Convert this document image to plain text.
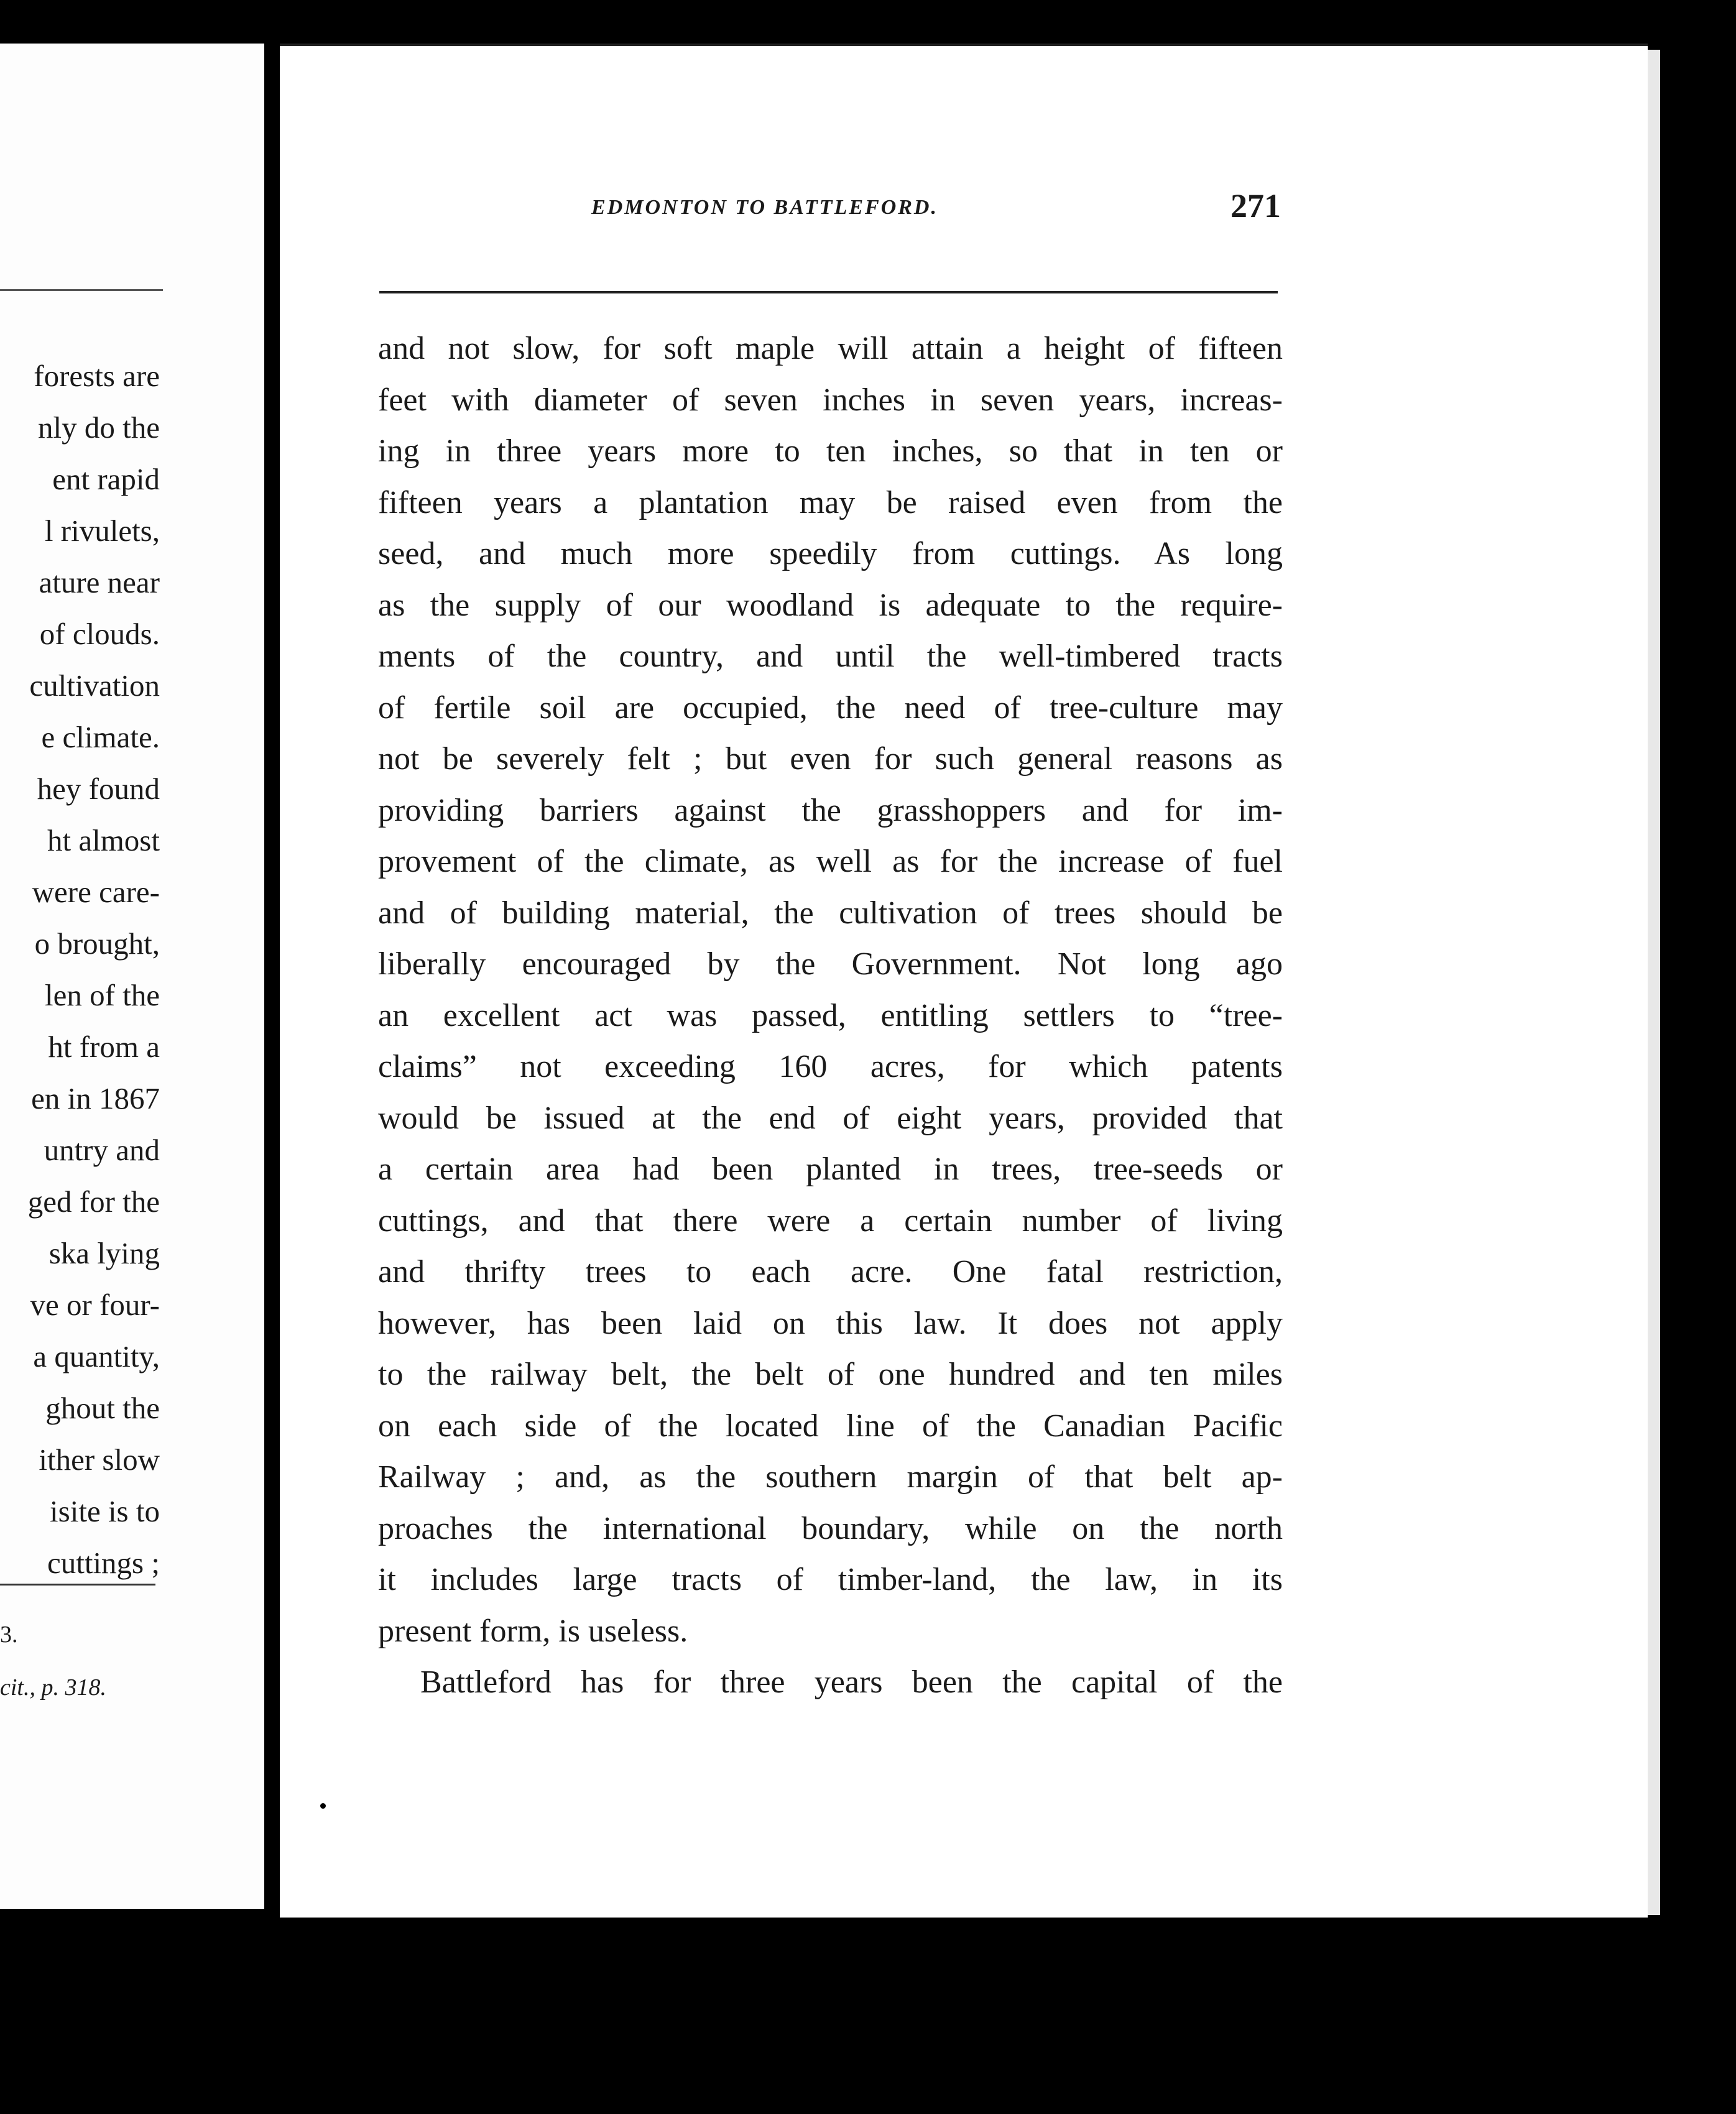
forests are
nly do the
ent rapid
l rivulets,
ature near
of clouds.
cultivation
e climate.
hey found
ht almost
were care-
o brought,
len of the
ht from a
en in 1867
untry and
ged for the
ska lying
ve or four-
a quantity,
ghout the
ither slow
isite is to
cuttings ;
3.
cit., p. 318.
EDMONTON TO BATTLEFORD.	271
and not slow, for soft maple will attain a height of fifteen
feet with diameter of seven inches in seven years, increas-
ing in three years more to ten inches, so that in ten or
fifteen years a plantation may be raised even from the
seed, and much more speedily from cuttings. As long
as the supply of our woodland is adequate to the require-
ments of the country, and until the well-timbered tracts
of fertile soil are occupied, the need of tree-culture may
not be severely felt ; but even for such general reasons as
providing barriers against the grasshoppers and for im-
provement of the climate, as well as for the increase of fuel
and of building material, the cultivation of trees should be
liberally encouraged by the Government. Not long ago
an excellent act was passed, entitling settlers to “tree-
claims” not exceeding 160 acres, for which patents
would be issued at the end of eight years, provided that
a certain area had been planted in trees, tree-seeds or
cuttings, and that there were a certain number of living
and thrifty trees to each acre. One fatal restriction,
however, has been laid on this law. It does not apply
to the railway belt, the belt of one hundred and ten miles
on each side of the located line of the Canadian Pacific
Railway ; and, as the southern margin of that belt ap-
proaches the international boundary, while on the north
it includes large tracts of timber-land, the law, in its
present form, is useless.
Battleford has for three years been the capital of the
